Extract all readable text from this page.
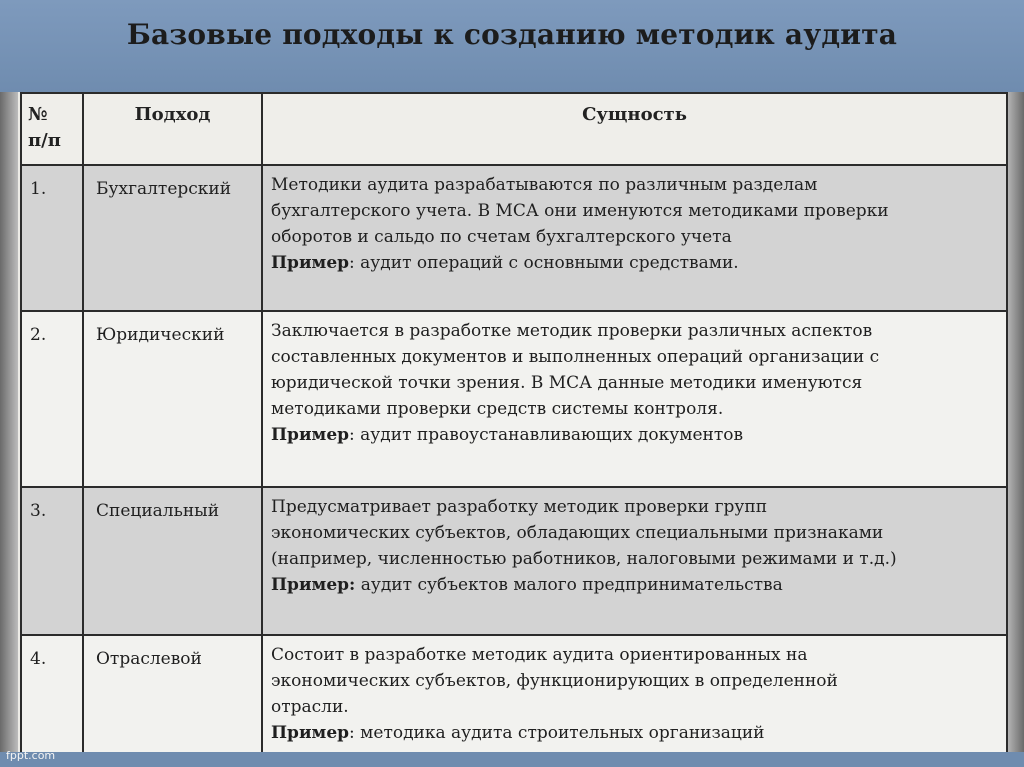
Базовые подходы к созданию методик аудита
№
п/п	Подход	Сущность
1.	Бухгалтерский	Методики аудита разрабатываются по различным разделам
бухгалтерского учета. В МСА они именуются методиками проверки
оборотов и сальдо по счетам бухгалтерского учета
Пример: аудит операций с основными средствами.

2.	Юридический	Заключается в разработке методик проверки различных аспектов
составленных документов и выполненных операций организации с
юридической точки зрения. В МСА данные методики именуются
методиками проверки средств системы контроля.
Пример: аудит правоустанавливающих документов

3.	Специальный	Предусматривает разработку методик проверки групп
экономических субъектов, обладающих специальными признаками
(например, численностью работников, налоговыми режимами и т.д.)
Пример: аудит субъектов малого предпринимательства

4.	Отраслевой	Состоит в разработке методик аудита ориентированных на
экономических субъектов, функционирующих в определенной
отрасли.
Пример: методика аудита строительных организаций
fppt.com
